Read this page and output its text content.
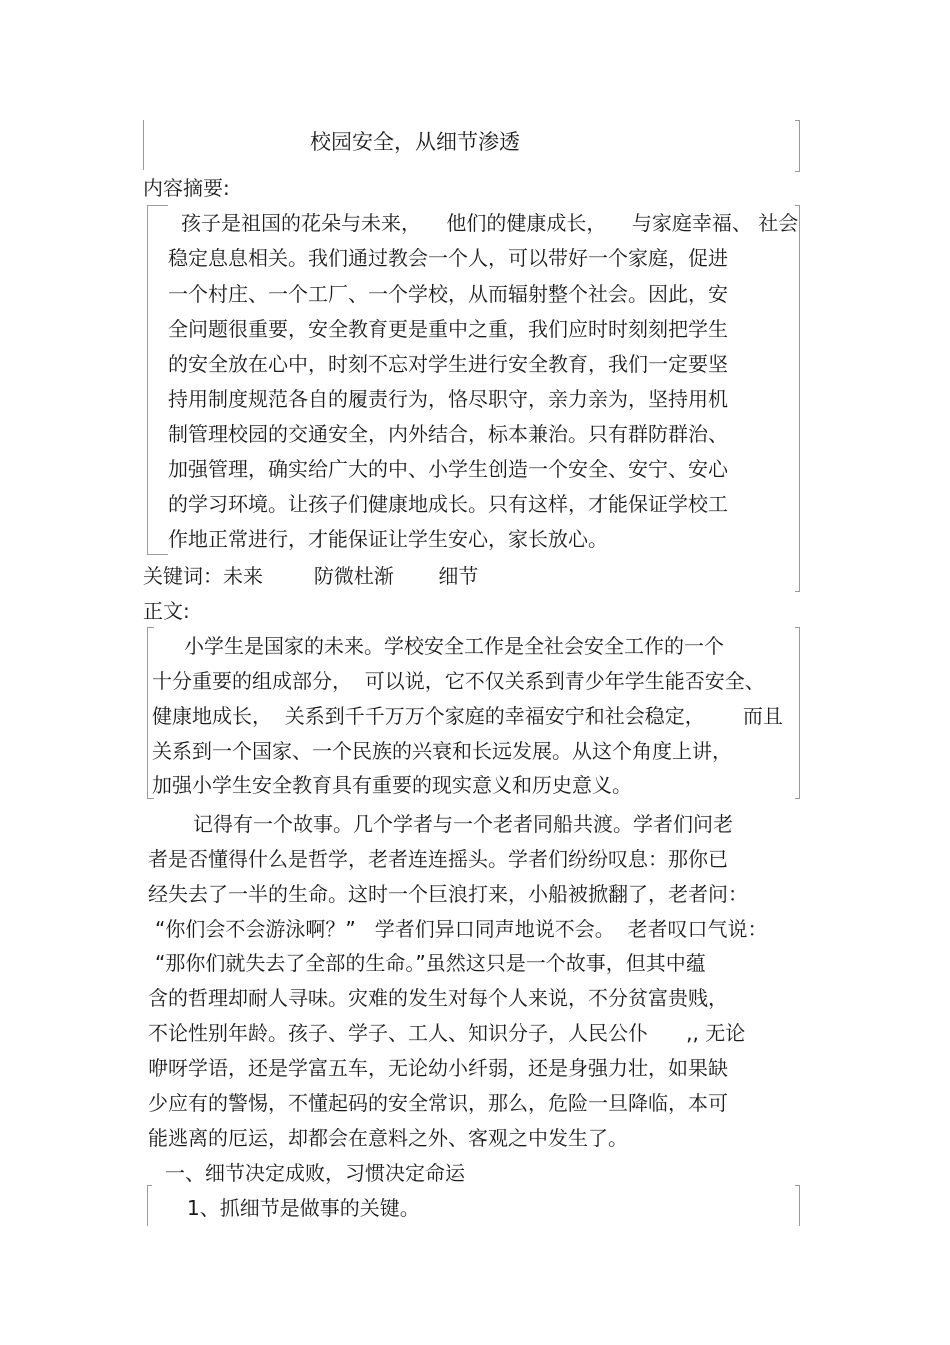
校园安全，从细节渗透
内容摘要:
孩子是祖国的花朵与未来，    他们的健康成长，    与家庭幸福、 社会
稳定息息相关。我们通过教会一个人，可以带好一个家庭，促进
一个村庄、一个工厂、一个学校，从而辐射整个社会。因此，安
全问题很重要，安全教育更是重中之重，我们应时时刻刻把学生
的安全放在心中，时刻不忘对学生进行安全教育，我们一定要坚
持用制度规范各自的履责行为，恪尽职守，亲力亲为，坚持用机
制管理校园的交通安全，内外结合，标本兼治。只有群防群治、
加强管理，确实给广大的中、小学生创造一个安全、安宁、安心
的学习环境。让孩子们健康地成长。只有这样，才能保证学校工
作地正常进行，才能保证让学生安心，家长放心。
关键词：未来        防微杜渐       细节
正文:
小学生是国家的未来。学校安全工作是全社会安全工作的一个
十分重要的组成部分，  可以说，它不仅关系到青少年学生能否安全、
健康地成长，  关系到千千万万个家庭的幸福安宁和社会稳定，      而且
关系到一个国家、一个民族的兴衰和长远发展。从这个角度上讲，
加强小学生安全教育具有重要的现实意义和历史意义。
记得有一个故事。几个学者与一个老者同船共渡。学者们问老
者是否懂得什么是哲学，老者连连摇头。学者们纷纷叹息：那你已
经失去了一半的生命。这时一个巨浪打来，小船被掀翻了，老者问：
“你们会不会游泳啊？”   学者们异口同声地说不会。  老者叹口气说：
“那你们就失去了全部的生命。”虽然这只是一个故事，但其中蕴
含的哲理却耐人寻味。灾难的发生对每个人来说，不分贫富贵贱，
不论性别年龄。孩子、学子、工人、知识分子，人民公仆      ,, 无论
咿呀学语，还是学富五车，无论幼小纤弱，还是身强力壮，如果缺
少应有的警惕，不懂起码的安全常识，那么，危险一旦降临，本可
能逃离的厄运，却都会在意料之外、客观之中发生了。
一、细节决定成败，习惯决定命运
1、抓细节是做事的关键。
